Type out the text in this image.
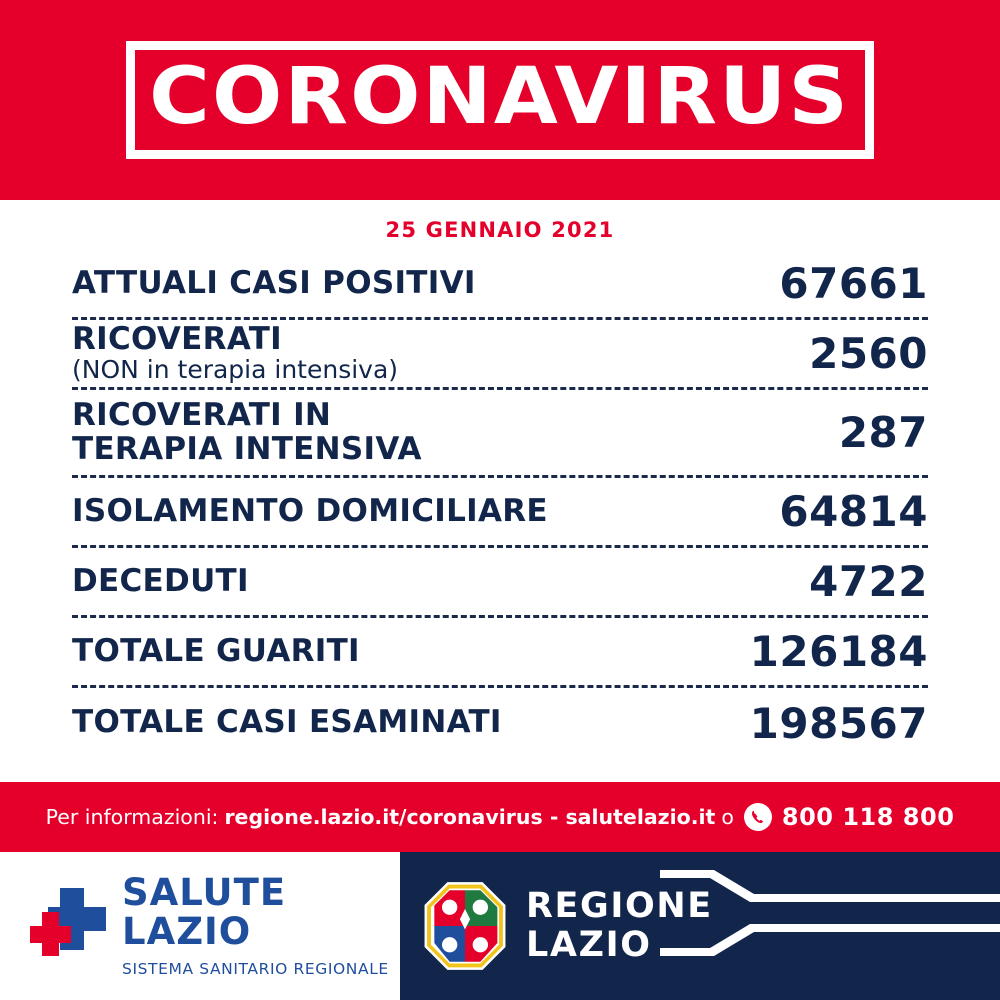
CORONAVIRUS
25 GENNAIO 2021
ATTUALI CASI POSITIVI	67661
RICOVERATI
(NON in terapia intensiva)	2560
RICOVERATI IN
TERAPIA INTENSIVA	287
ISOLAMENTO DOMICILIARE	64814
DECEDUTI	4722
TOTALE GUARITI	126184
TOTALE CASI ESAMINATI	198567
Per informazioni: regione.lazio.it/coronavirus - salutelazio.it o 800 118 800
SALUTE LAZIO
SISTEMA SANITARIO REGIONALE
REGIONE
LAZIO
